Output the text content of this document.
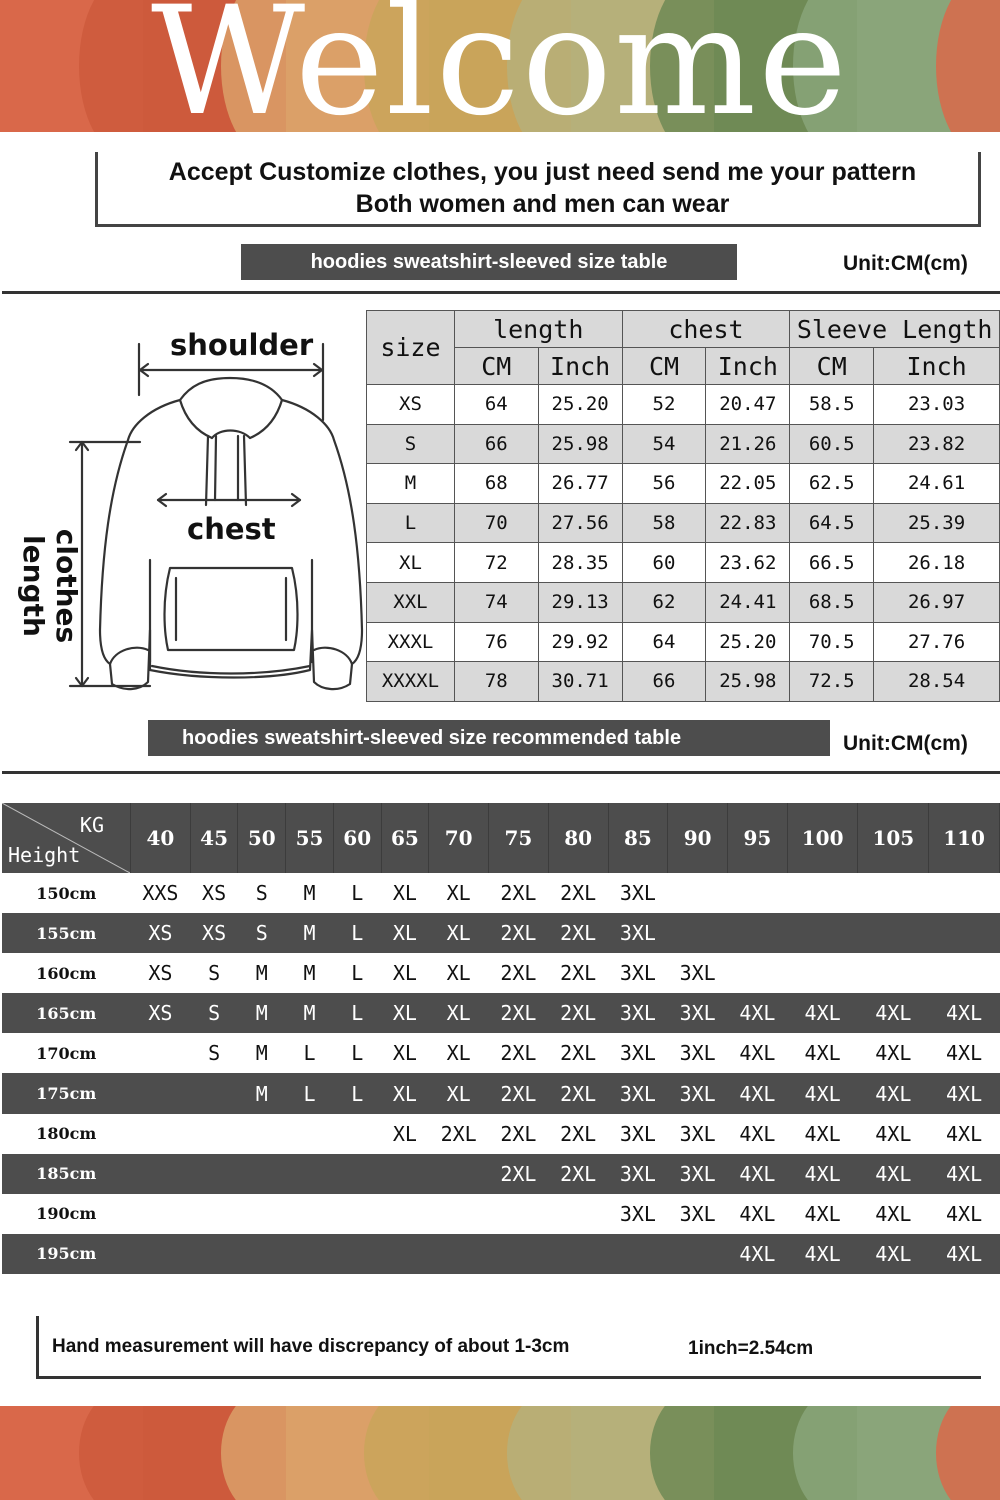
Welcome
Accept Customize clothes, you just need send me your pattern
Both women and men can wear
hoodies sweatshirt-sleeved size table	Unit:CM(cm)
shoulder
chest
clothes length
size	length		chest		Sleeve Length	
	CM	Inch	CM	Inch	CM	Inch
XS	64	25.20	52	20.47	58.5	23.03
S	66	25.98	54	21.26	60.5	23.82
M	68	26.77	56	22.05	62.5	24.61
L	70	27.56	58	22.83	64.5	25.39
XL	72	28.35	60	23.62	66.5	26.18
XXL	74	29.13	62	24.41	68.5	26.97
XXXL	76	29.92	64	25.20	70.5	27.76
XXXXL	78	30.71	66	25.98	72.5	28.54
hoodies sweatshirt-sleeved size recommended table	Unit:CM(cm)
KG
Height	40	45	50	55	60	65	70	75	80	85	90	95	100	105	110
150cm	XXS	XS	S	M	L	XL	XL	2XL	2XL	3XL					
155cm	XS	XS	S	M	L	XL	XL	2XL	2XL	3XL					
160cm	XS	S	M	M	L	XL	XL	2XL	2XL	3XL	3XL				
165cm	XS	S	M	M	L	XL	XL	2XL	2XL	3XL	3XL	4XL	4XL	4XL	4XL
170cm		S	M	L	L	XL	XL	2XL	2XL	3XL	3XL	4XL	4XL	4XL	4XL
175cm			M	L	L	XL	XL	2XL	2XL	3XL	3XL	4XL	4XL	4XL	4XL
180cm						XL	2XL	2XL	2XL	3XL	3XL	4XL	4XL	4XL	4XL
185cm								2XL	2XL	3XL	3XL	4XL	4XL	4XL	4XL
190cm										3XL	3XL	4XL	4XL	4XL	4XL
195cm												4XL	4XL	4XL	4XL
Hand measurement will have discrepancy of about 1-3cm	1inch=2.54cm
